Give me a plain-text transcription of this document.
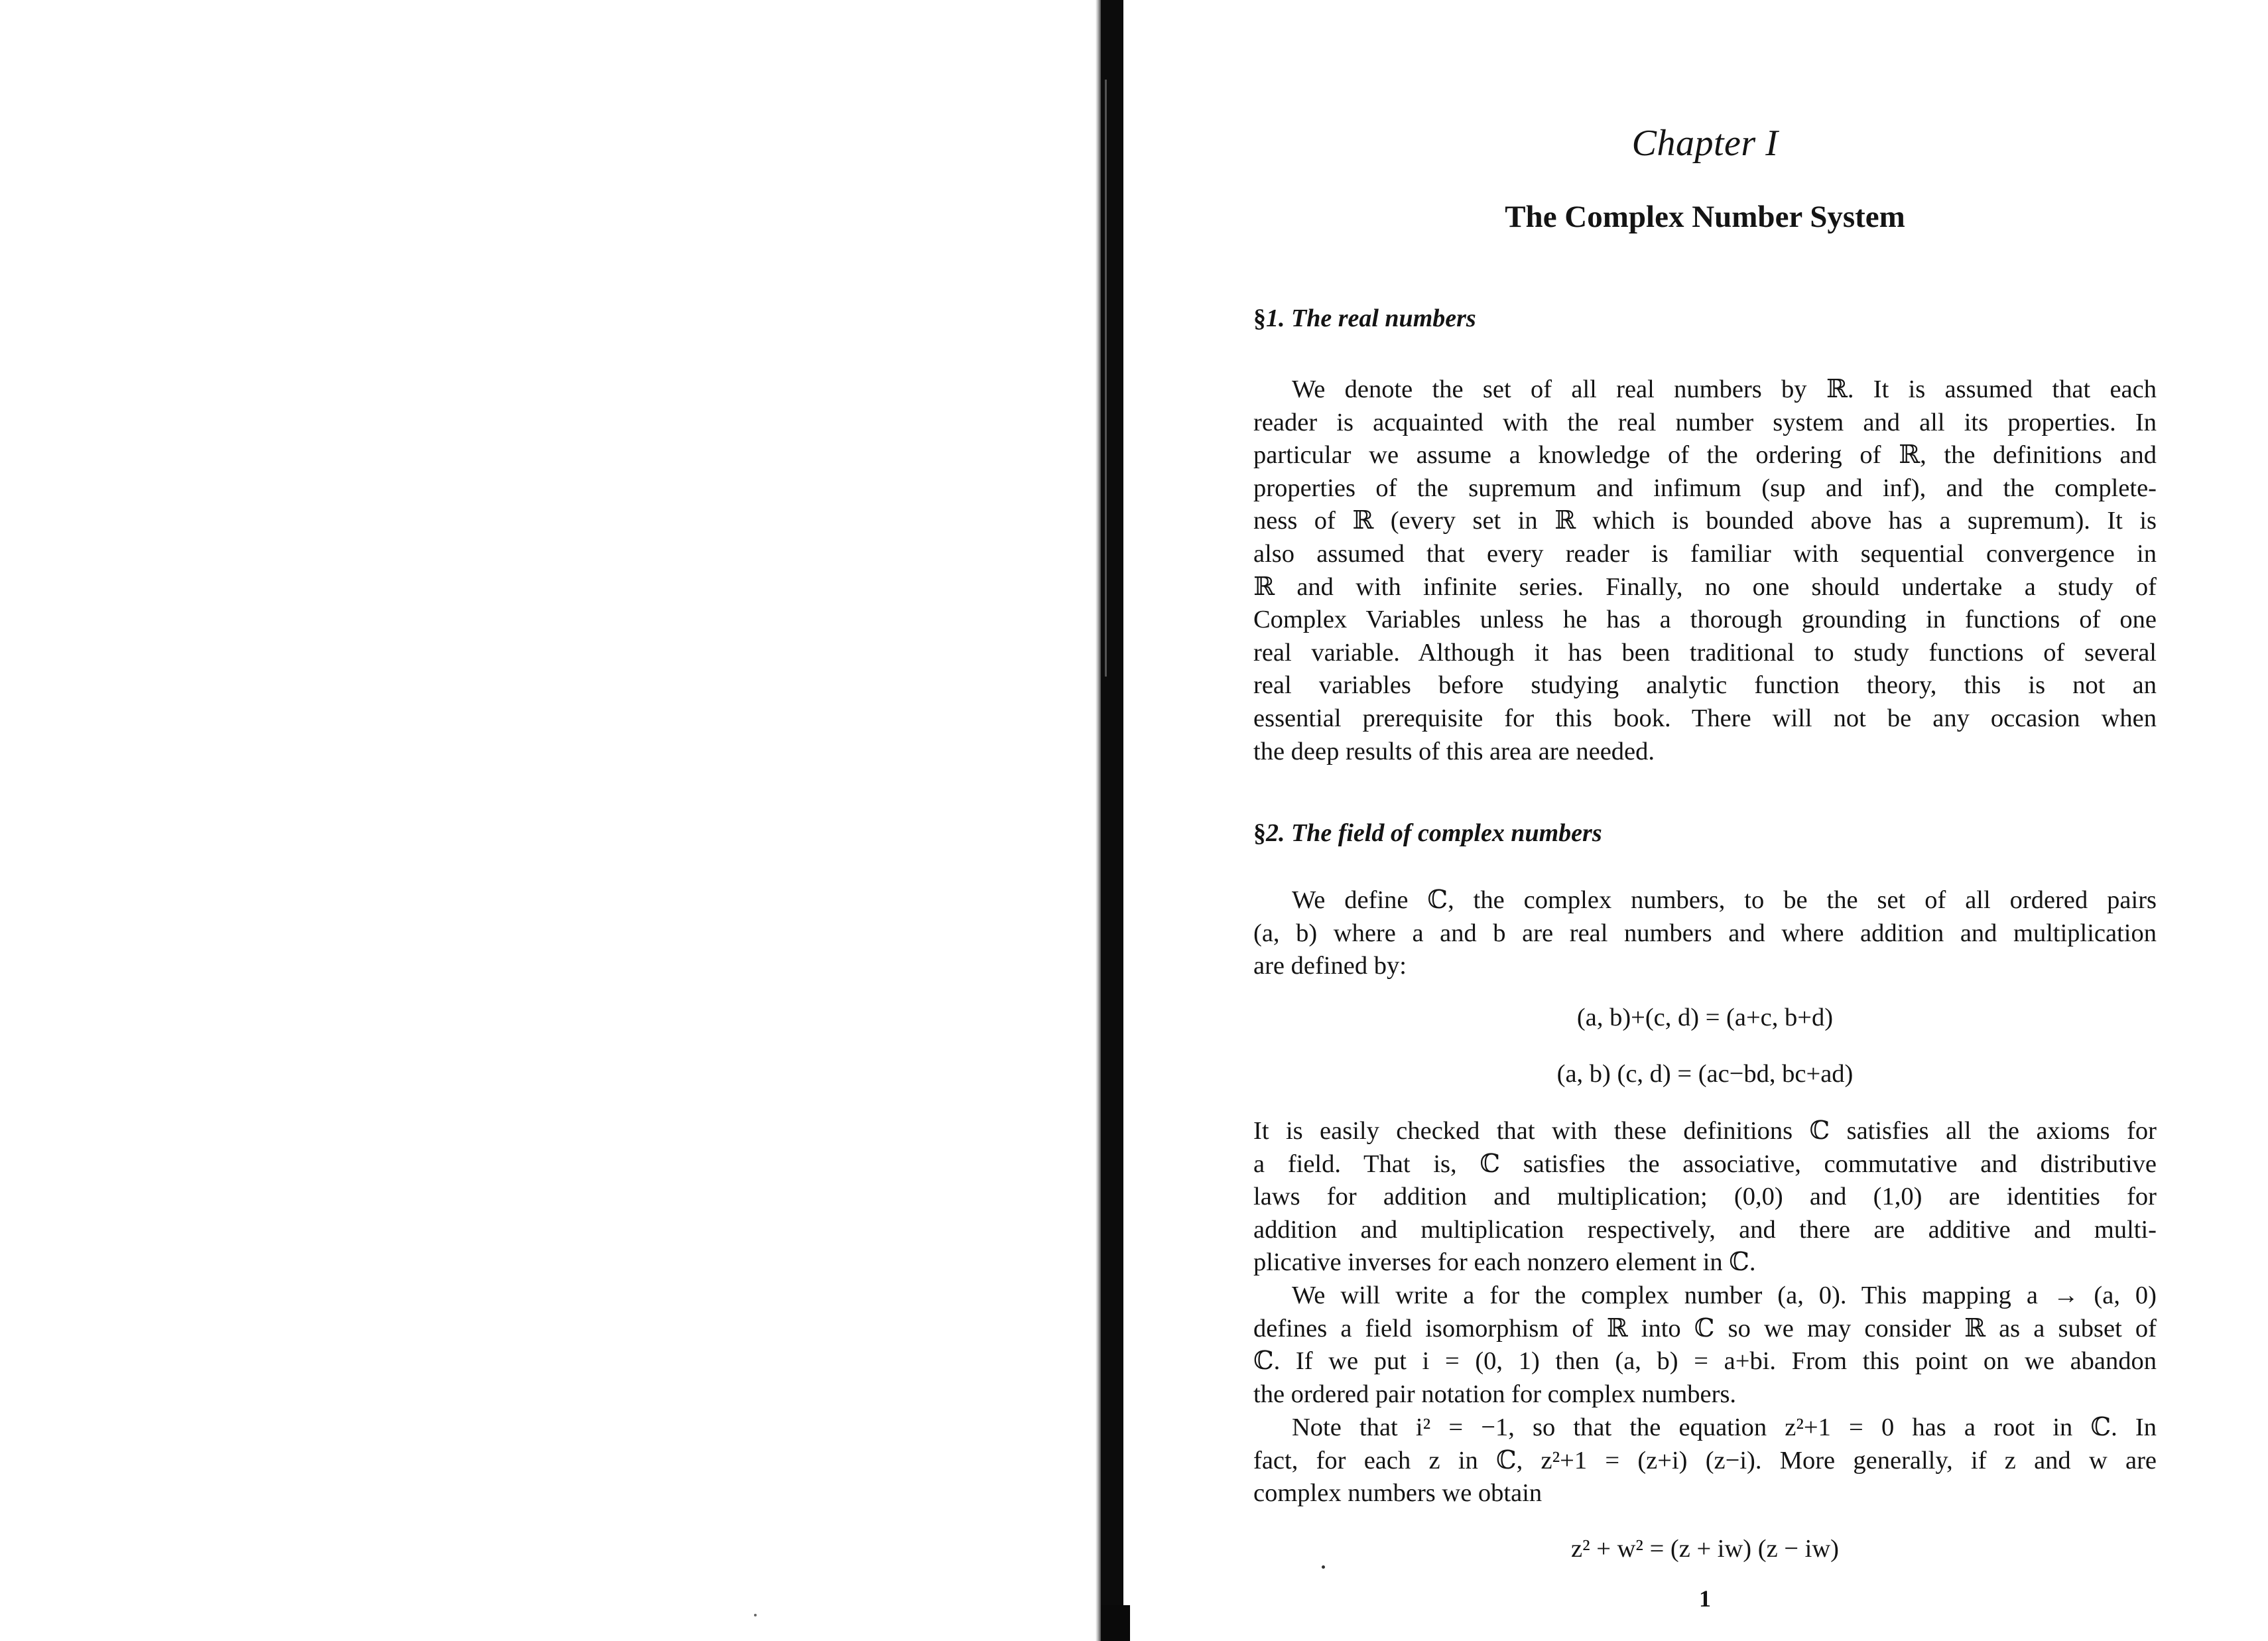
Chapter I
The Complex Number System
§1. The real numbers
We denote the set of all real numbers by ℝ. It is assumed that each
reader is acquainted with the real number system and all its properties. In
particular we assume a knowledge of the ordering of ℝ, the definitions and
properties of the supremum and infimum (sup and inf), and the complete-
ness of ℝ (every set in ℝ which is bounded above has a supremum). It is
also assumed that every reader is familiar with sequential convergence in
ℝ and with infinite series. Finally, no one should undertake a study of
Complex Variables unless he has a thorough grounding in functions of one
real variable. Although it has been traditional to study functions of several
real variables before studying analytic function theory, this is not an
essential prerequisite for this book. There will not be any occasion when
the deep results of this area are needed.
§2. The field of complex numbers
We define ℂ, the complex numbers, to be the set of all ordered pairs
(a, b) where a and b are real numbers and where addition and multiplication
are defined by:
(a, b)+(c, d) = (a+c, b+d)
(a, b) (c, d) = (ac−bd, bc+ad)
It is easily checked that with these definitions ℂ satisfies all the axioms for
a field. That is, ℂ satisfies the associative, commutative and distributive
laws for addition and multiplication; (0,0) and (1,0) are identities for
addition and multiplication respectively, and there are additive and multi-
plicative inverses for each nonzero element in ℂ.
We will write a for the complex number (a, 0). This mapping a → (a, 0)
defines a field isomorphism of ℝ into ℂ so we may consider ℝ as a subset of
ℂ. If we put i = (0, 1) then (a, b) = a+bi. From this point on we abandon
the ordered pair notation for complex numbers.
Note that i² = −1, so that the equation z²+1 = 0 has a root in ℂ. In
fact, for each z in ℂ, z²+1 = (z+i) (z−i). More generally, if z and w are
complex numbers we obtain
z² + w² = (z + iw) (z − iw)
1
